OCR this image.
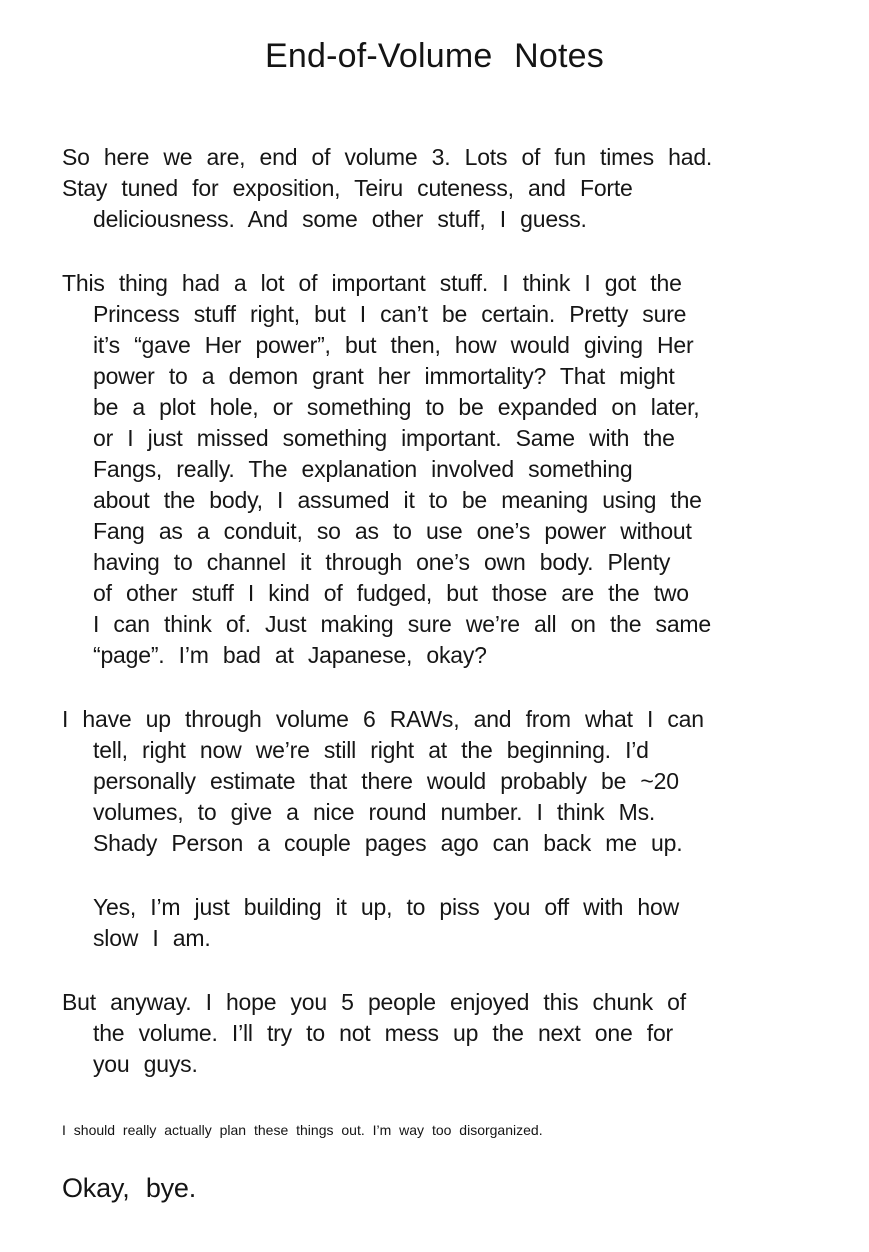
End-of-Volume Notes
So here we are, end of volume 3. Lots of fun times had.
Stay tuned for exposition, Teiru cuteness, and Forte
deliciousness. And some other stuff, I guess.
This thing had a lot of important stuff. I think I got the
Princess stuff right, but I can’t be certain. Pretty sure
it’s “gave Her power”, but then, how would giving Her
power to a demon grant her immortality? That might
be a plot hole, or something to be expanded on later,
or I just missed something important. Same with the
Fangs, really. The explanation involved something
about the body, I assumed it to be meaning using the
Fang as a conduit, so as to use one’s power without
having to channel it through one’s own body. Plenty
of other stuff I kind of fudged, but those are the two
I can think of. Just making sure we’re all on the same
“page”. I’m bad at Japanese, okay?
I have up through volume 6 RAWs, and from what I can
tell, right now we’re still right at the beginning. I’d
personally estimate that there would probably be ~20
volumes, to give a nice round number. I think Ms.
Shady Person a couple pages ago can back me up.
Yes, I’m just building it up, to piss you off with how
slow I am.
But anyway. I hope you 5 people enjoyed this chunk of
the volume. I’ll try to not mess up the next one for
you guys.
I should really actually plan these things out. I’m way too disorganized.
Okay, bye.
